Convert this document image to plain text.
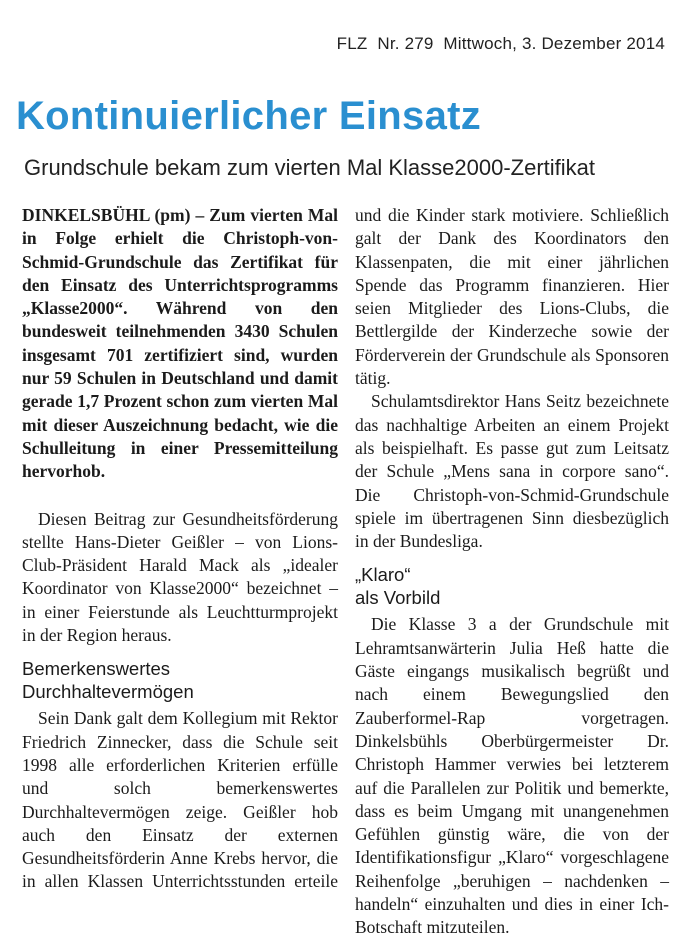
FLZ Nr. 279 Mittwoch, 3. Dezember 2014
Kontinuierlicher Einsatz
Grundschule bekam zum vierten Mal Klasse2000-Zertifikat

DINKELSBÜHL (pm) – Zum vierten Mal in Folge erhielt die Christoph-von-Schmid-Grundschule das Zertifikat für den Einsatz des Unterrichtsprogramms „Klasse2000“. Während von den bundesweit teilnehmenden 3430 Schulen insgesamt 701 zertifiziert sind, wurden nur 59 Schulen in Deutschland und damit gerade 1,7 Prozent schon zum vierten Mal mit dieser Auszeichnung bedacht, wie die Schulleitung in einer Pressemitteilung hervorhob.

Diesen Beitrag zur Gesundheitsförderung stellte Hans-Dieter Geißler – von Lions-Club-Präsident Harald Mack als „idealer Koordinator von Klasse2000“ bezeichnet – in einer Feierstunde als Leuchtturmprojekt in der Region heraus.

Bemerkenswertes
Durchhaltevermögen

Sein Dank galt dem Kollegium mit Rektor Friedrich Zinnecker, dass die Schule seit 1998 alle erforderlichen Kriterien erfülle und solch bemerkenswertes Durchhaltevermögen zeige. Geißler hob auch den Einsatz der externen Gesundheitsförderin Anne Krebs hervor, die in allen Klassen Unterrichtsstunden erteile

und die Kinder stark motiviere. Schließlich galt der Dank des Koordinators den Klassenpaten, die mit einer jährlichen Spende das Programm finanzieren. Hier seien Mitglieder des Lions-Clubs, die Bettlergilde der Kinderzeche sowie der Förderverein der Grundschule als Sponsoren tätig.

Schulamtsdirektor Hans Seitz bezeichnete das nachhaltige Arbeiten an einem Projekt als beispielhaft. Es passe gut zum Leitsatz der Schule „Mens sana in corpore sano“. Die Christoph-von-Schmid-Grundschule spiele im übertragenen Sinn diesbezüglich in der Bundesliga.

„Klaro“
als Vorbild

Die Klasse 3 a der Grundschule mit Lehramtsanwärterin Julia Heß hatte die Gäste eingangs musikalisch begrüßt und nach einem Bewegungslied den Zauberformel-Rap vorgetragen. Dinkelsbühls Oberbürgermeister Dr. Christoph Hammer verwies bei letzterem auf die Parallelen zur Politik und bemerkte, dass es beim Umgang mit unangenehmen Gefühlen günstig wäre, die von der Identifikationsfigur „Klaro“ vorgeschlagene Reihenfolge „beruhigen – nachdenken – handeln“ einzuhalten und dies in einer Ich-Botschaft mitzuteilen.
